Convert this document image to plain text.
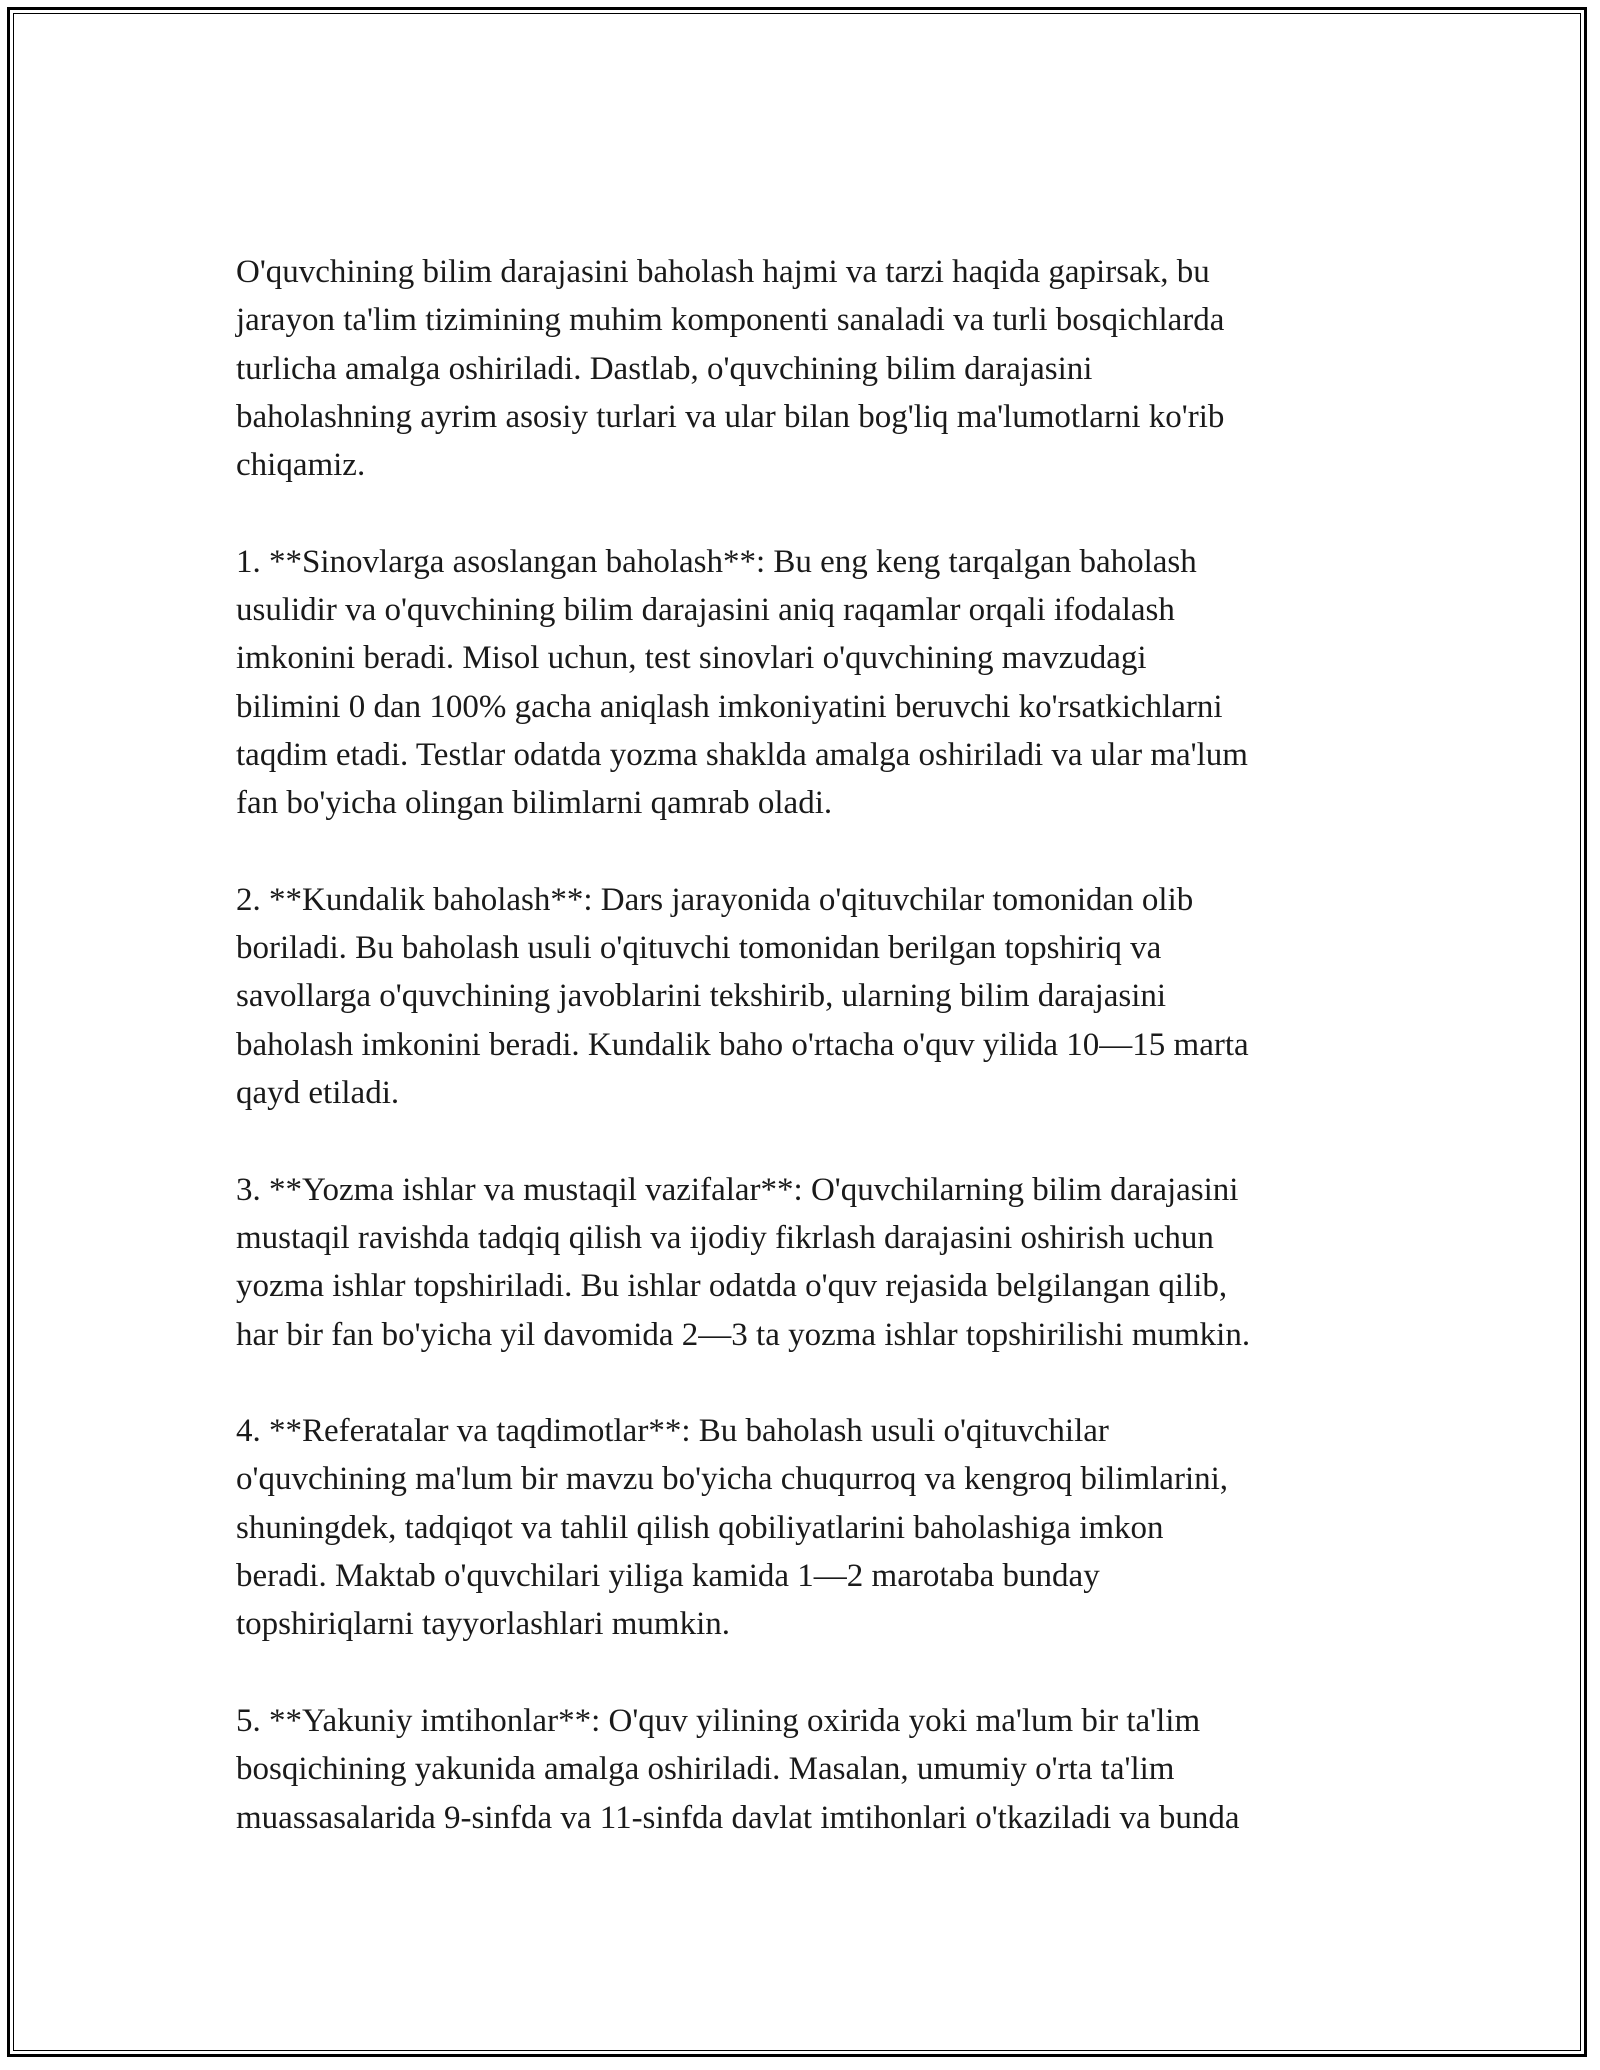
O'quvchining bilim darajasini baholash hajmi va tarzi haqida gapirsak, bu
jarayon ta'lim tizimining muhim komponenti sanaladi va turli bosqichlarda
turlicha amalga oshiriladi. Dastlab, o'quvchining bilim darajasini
baholashning ayrim asosiy turlari va ular bilan bog'liq ma'lumotlarni ko'rib
chiqamiz.

1. **Sinovlarga asoslangan baholash**: Bu eng keng tarqalgan baholash
usulidir va o'quvchining bilim darajasini aniq raqamlar orqali ifodalash
imkonini beradi. Misol uchun, test sinovlari o'quvchining mavzudagi
bilimini 0 dan 100% gacha aniqlash imkoniyatini beruvchi ko'rsatkichlarni
taqdim etadi. Testlar odatda yozma shaklda amalga oshiriladi va ular ma'lum
fan bo'yicha olingan bilimlarni qamrab oladi.

2. **Kundalik baholash**: Dars jarayonida o'qituvchilar tomonidan olib
boriladi. Bu baholash usuli o'qituvchi tomonidan berilgan topshiriq va
savollarga o'quvchining javoblarini tekshirib, ularning bilim darajasini
baholash imkonini beradi. Kundalik baho o'rtacha o'quv yilida 10—15 marta
qayd etiladi.

3. **Yozma ishlar va mustaqil vazifalar**: O'quvchilarning bilim darajasini
mustaqil ravishda tadqiq qilish va ijodiy fikrlash darajasini oshirish uchun
yozma ishlar topshiriladi. Bu ishlar odatda o'quv rejasida belgilangan qilib,
har bir fan bo'yicha yil davomida 2—3 ta yozma ishlar topshirilishi mumkin.

4. **Referatalar va taqdimotlar**: Bu baholash usuli o'qituvchilar
o'quvchining ma'lum bir mavzu bo'yicha chuqurroq va kengroq bilimlarini,
shuningdek, tadqiqot va tahlil qilish qobiliyatlarini baholashiga imkon
beradi. Maktab o'quvchilari yiliga kamida 1—2 marotaba bunday
topshiriqlarni tayyorlashlari mumkin.

5. **Yakuniy imtihonlar**: O'quv yilining oxirida yoki ma'lum bir ta'lim
bosqichining yakunida amalga oshiriladi. Masalan, umumiy o'rta ta'lim
muassasalarida 9-sinfda va 11-sinfda davlat imtihonlari o'tkaziladi va bunda
